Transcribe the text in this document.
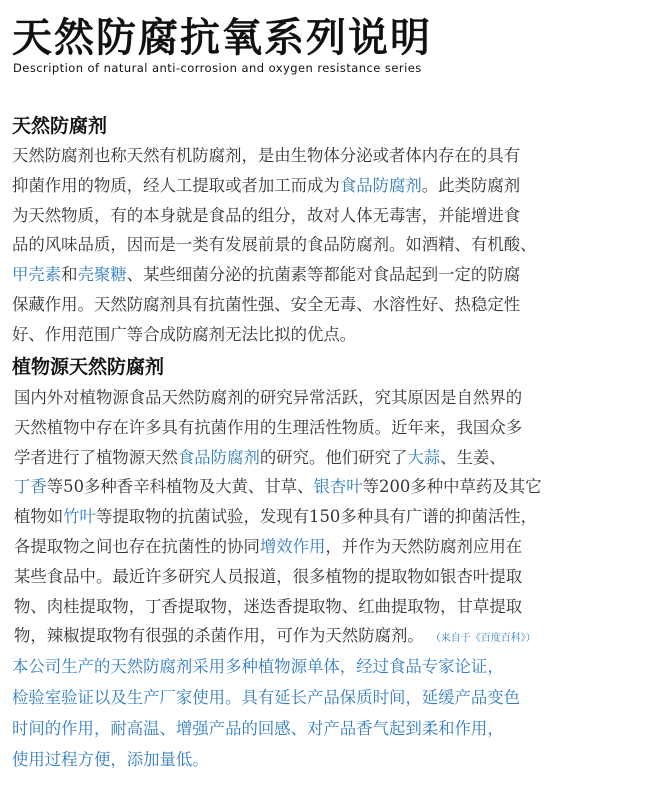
天然防腐抗氧系列说明
Description of natural anti-corrosion and oxygen resistance series
天然防腐剂
天然防腐剂也称天然有机防腐剂，是由生物体分泌或者体内存在的具有
抑菌作用的物质，经人工提取或者加工而成为食品防腐剂。此类防腐剂
为天然物质，有的本身就是食品的组分，故对人体无毒害，并能增进食
品的风味品质，因而是一类有发展前景的食品防腐剂。如酒精、有机酸、
甲壳素和壳聚糖、某些细菌分泌的抗菌素等都能对食品起到一定的防腐
保藏作用。天然防腐剂具有抗菌性强、安全无毒、水溶性好、热稳定性
好、作用范围广等合成防腐剂无法比拟的优点。
植物源天然防腐剂
国内外对植物源食品天然防腐剂的研究异常活跃，究其原因是自然界的
天然植物中存在许多具有抗菌作用的生理活性物质。近年来，我国众多
学者进行了植物源天然食品防腐剂的研究。他们研究了大蒜、生姜、
丁香等50多种香辛科植物及大黄、甘草、银杏叶等200多种中草药及其它
植物如竹叶等提取物的抗菌试验，发现有150多种具有广谱的抑菌活性，
各提取物之间也存在抗菌性的协同增效作用，并作为天然防腐剂应用在
某些食品中。最近许多研究人员报道，很多植物的提取物如银杏叶提取
物、肉桂提取物，丁香提取物，迷迭香提取物、红曲提取物，甘草提取
物，辣椒提取物有很强的杀菌作用，可作为天然防腐剂。 （来自于《百度百科》）
本公司生产的天然防腐剂采用多种植物源单体，经过食品专家论证，
检验室验证以及生产厂家使用。具有延长产品保质时间，延缓产品变色
时间的作用，耐高温、增强产品的回感、对产品香气起到柔和作用，
使用过程方便，添加量低。
